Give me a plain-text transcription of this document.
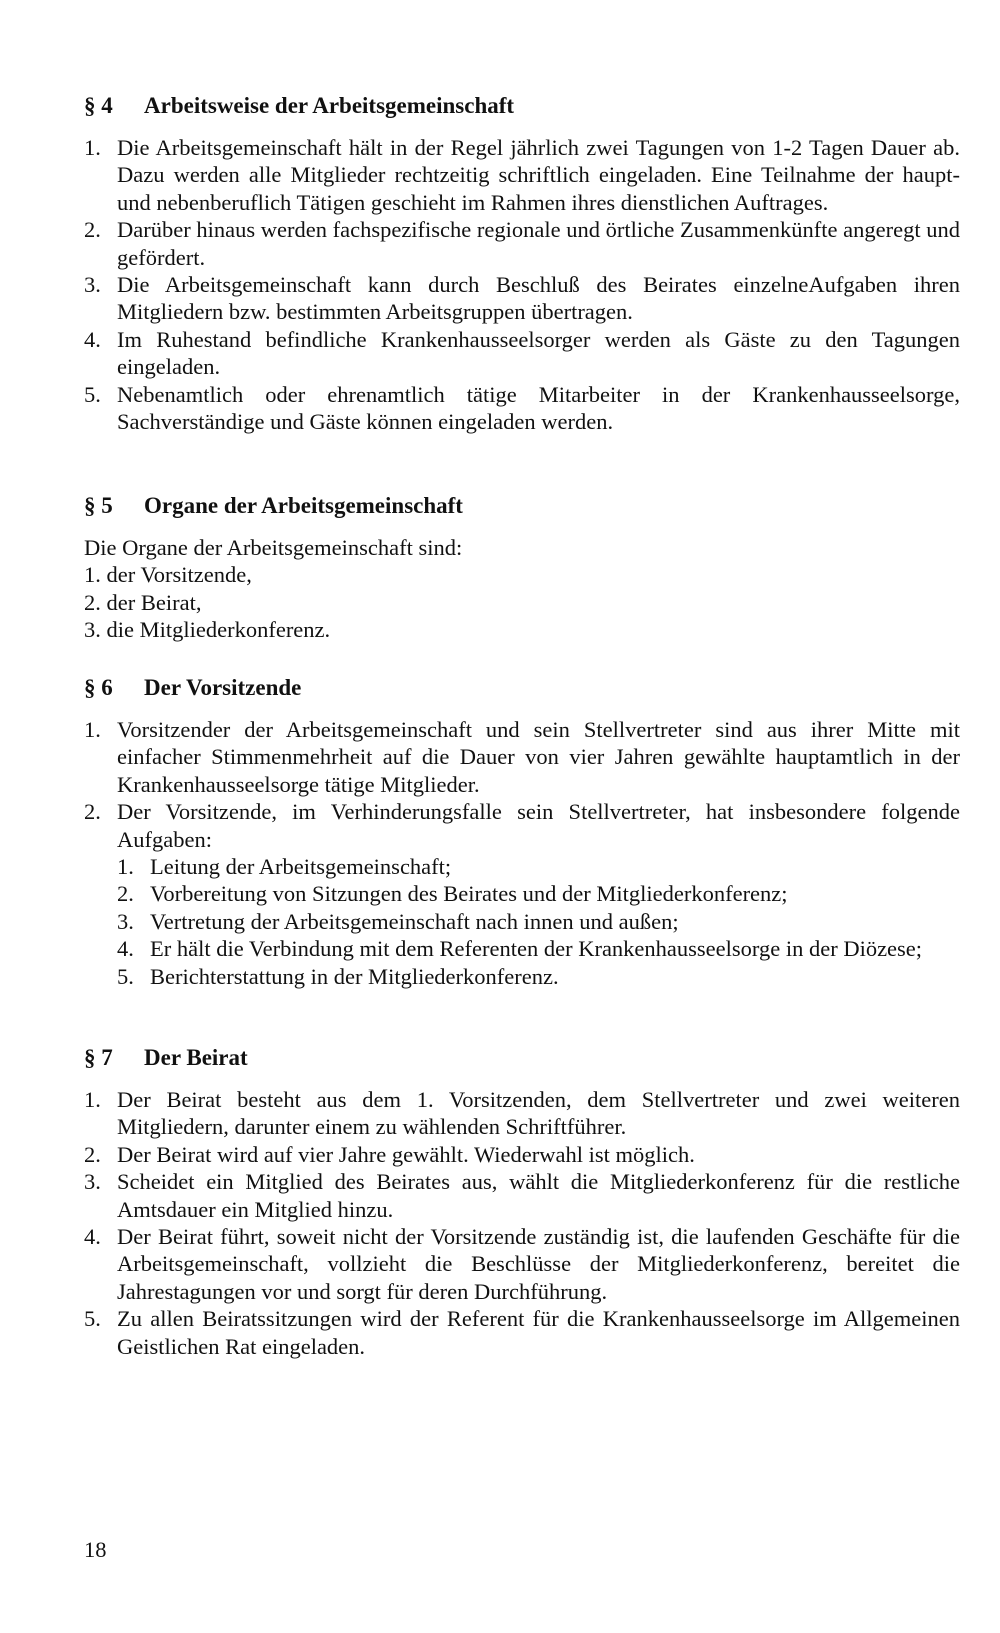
§ 4 Arbeitsweise der Arbeitsgemeinschaft
1. Die Arbeitsgemeinschaft hält in der Regel jährlich zwei Tagungen von 1-2 Tagen Dauer ab. Dazu werden alle Mitglieder rechtzeitig schriftlich eingeladen. Eine Teilnahme der haupt- und nebenberuflich Tätigen geschieht im Rahmen ihres dienstlichen Auftrages.
2. Darüber hinaus werden fachspezifische regionale und örtliche Zusammenkünfte angeregt und gefördert.
3. Die Arbeitsgemeinschaft kann durch Beschluß des Beirates einzelneAufgaben ihren Mitgliedern bzw. bestimmten Arbeitsgruppen übertragen.
4. Im Ruhestand befindliche Krankenhausseelsorger werden als Gäste zu den Tagungen eingeladen.
5. Nebenamtlich oder ehrenamtlich tätige Mitarbeiter in der Krankenhausseelsorge, Sachverständige und Gäste können eingeladen werden.
§ 5 Organe der Arbeitsgemeinschaft

Die Organe der Arbeitsgemeinschaft sind:

1. der Vorsitzende,
2. der Beirat,
3. die Mitgliederkonferenz.
§ 6 Der Vorsitzende
1. Vorsitzender der Arbeitsgemeinschaft und sein Stellvertreter sind aus ihrer Mitte mit einfacher Stimmenmehrheit auf die Dauer von vier Jahren gewählte hauptamtlich in der Krankenhausseelsorge tätige Mitglieder.
2. Der Vorsitzende, im Verhinderungsfalle sein Stellvertreter, hat insbesondere folgende Aufgaben:
1. Leitung der Arbeitsgemeinschaft;
2. Vorbereitung von Sitzungen des Beirates und der Mitgliederkonferenz;
3. Vertretung der Arbeitsgemeinschaft nach innen und außen;
4. Er hält die Verbindung mit dem Referenten der Krankenhausseelsorge in der Diözese;
5. Berichterstattung in der Mitgliederkonferenz.
§ 7 Der Beirat
1. Der Beirat besteht aus dem 1. Vorsitzenden, dem Stellvertreter und zwei weiteren Mitgliedern, darunter einem zu wählenden Schriftführer.
2. Der Beirat wird auf vier Jahre gewählt. Wiederwahl ist möglich.
3. Scheidet ein Mitglied des Beirates aus, wählt die Mitgliederkonferenz für die restliche Amtsdauer ein Mitglied hinzu.
4. Der Beirat führt, soweit nicht der Vorsitzende zuständig ist, die laufenden Geschäfte für die Arbeitsgemeinschaft, vollzieht die Beschlüsse der Mitgliederkonferenz, bereitet die Jahrestagungen vor und sorgt für deren Durchführung.
5. Zu allen Beiratssitzungen wird der Referent für die Krankenhausseelsorge im Allgemeinen Geistlichen Rat eingeladen.
18
